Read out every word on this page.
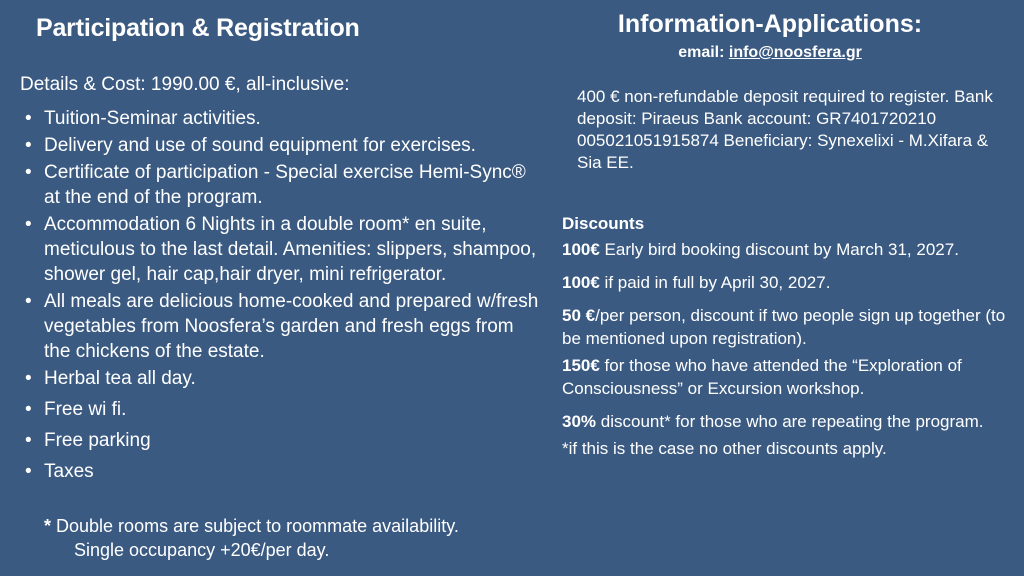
Participation & Registration
Details & Cost: 1990.00 €, all-inclusive:
• Tuition-Seminar activities.
• Delivery and use of sound equipment for exercises.
• Certificate of participation - Special exercise Hemi-Sync® at the end of the program.
• Accommodation 6 Nights in a double room* en suite, meticulous to the last detail. Amenities: slippers, shampoo, shower gel, hair cap,hair dryer, mini refrigerator.
• All meals are delicious home-cooked and prepared w/fresh vegetables from Noosfera’s garden and fresh eggs from the chickens of the estate.
• Herbal tea all day.
• Free wi fi.
• Free parking
• Taxes
* Double rooms are subject to roommate availability.
Single occupancy +20€/per day.
Information-Applications:
email: info@noosfera.gr
400 € non-refundable deposit required to register. Bank deposit: Piraeus Bank account: GR7401720210 005021051915874 Beneficiary: Synexelixi - M.Xifara & Sia EE.
Discounts

100€ Early bird booking discount by March 31, 2027.

100€ if paid in full by April 30, 2027.

50 €/per person, discount if two people sign up together (to be mentioned upon registration).

150€ for those who have attended the “Exploration of Consciousness” or Excursion workshop.

30% discount* for those who are repeating the program.

*if this is the case no other discounts apply.
